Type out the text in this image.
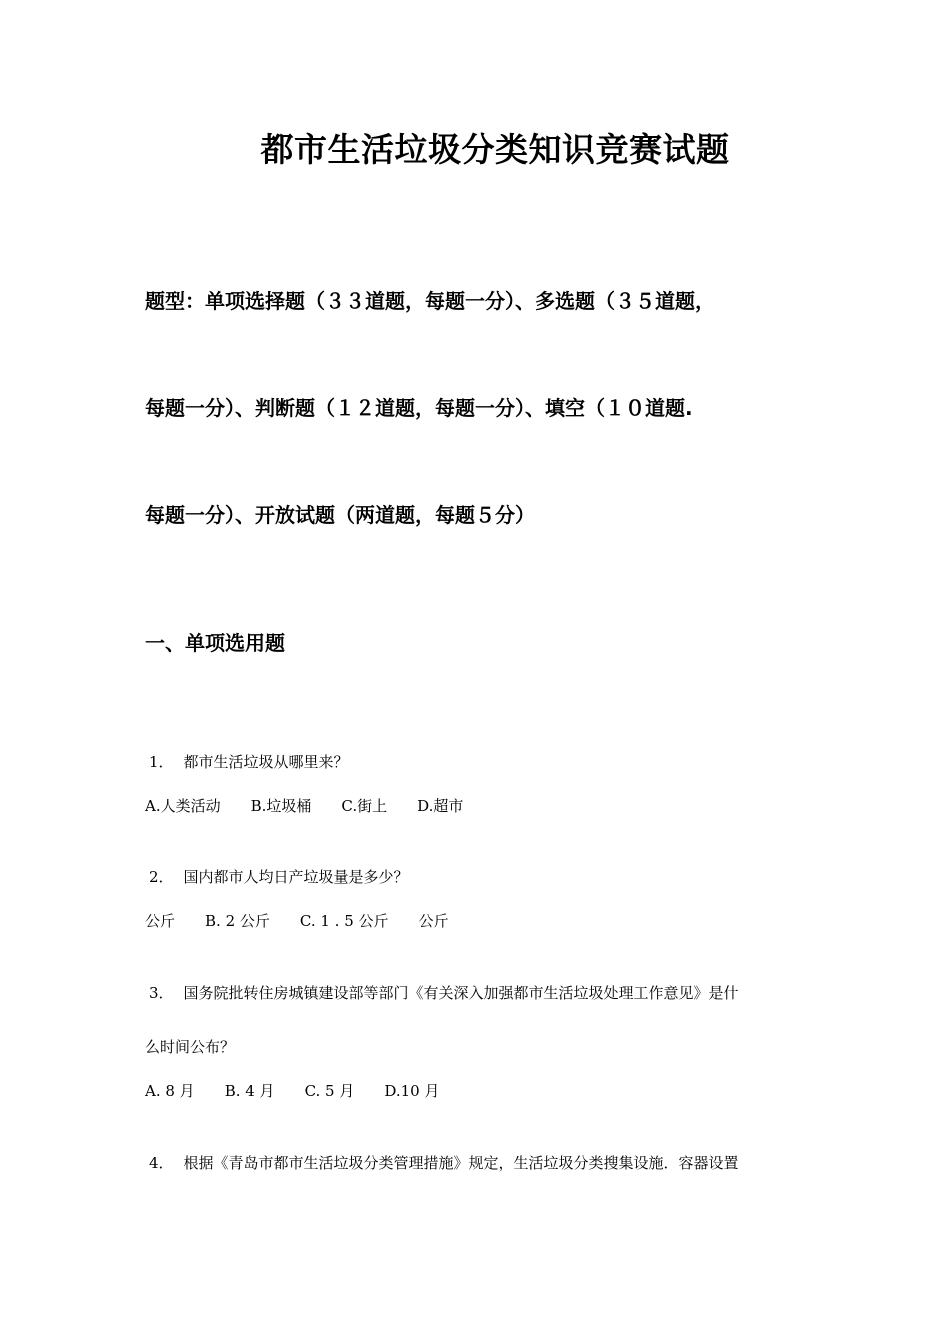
都市生活垃圾分类知识竞赛试题
题型：单项选择题（３３道题，每题一分）、多选题（３５道题，
每题一分）、判断题（１２道题，每题一分）、填空（１０道题.
每题一分）、开放试题（两道题，每题５分）
一、单项选用题
1． 都市生活垃圾从哪里来？
A.人类活动 B.垃圾桶 C.街上 D.超市
2． 国内都市人均日产垃圾量是多少？
公斤 B. 2 公斤 C. 1 . 5 公斤 公斤
3． 国务院批转住房城镇建设部等部门《有关深入加强都市生活垃圾处理工作意见》是什
么时间公布？
A. 8 月 B. 4 月 C. 5 月 D.10 月
4． 根据《青岛市都市生活垃圾分类管理措施》规定，生活垃圾分类搜集设施．容器设置
